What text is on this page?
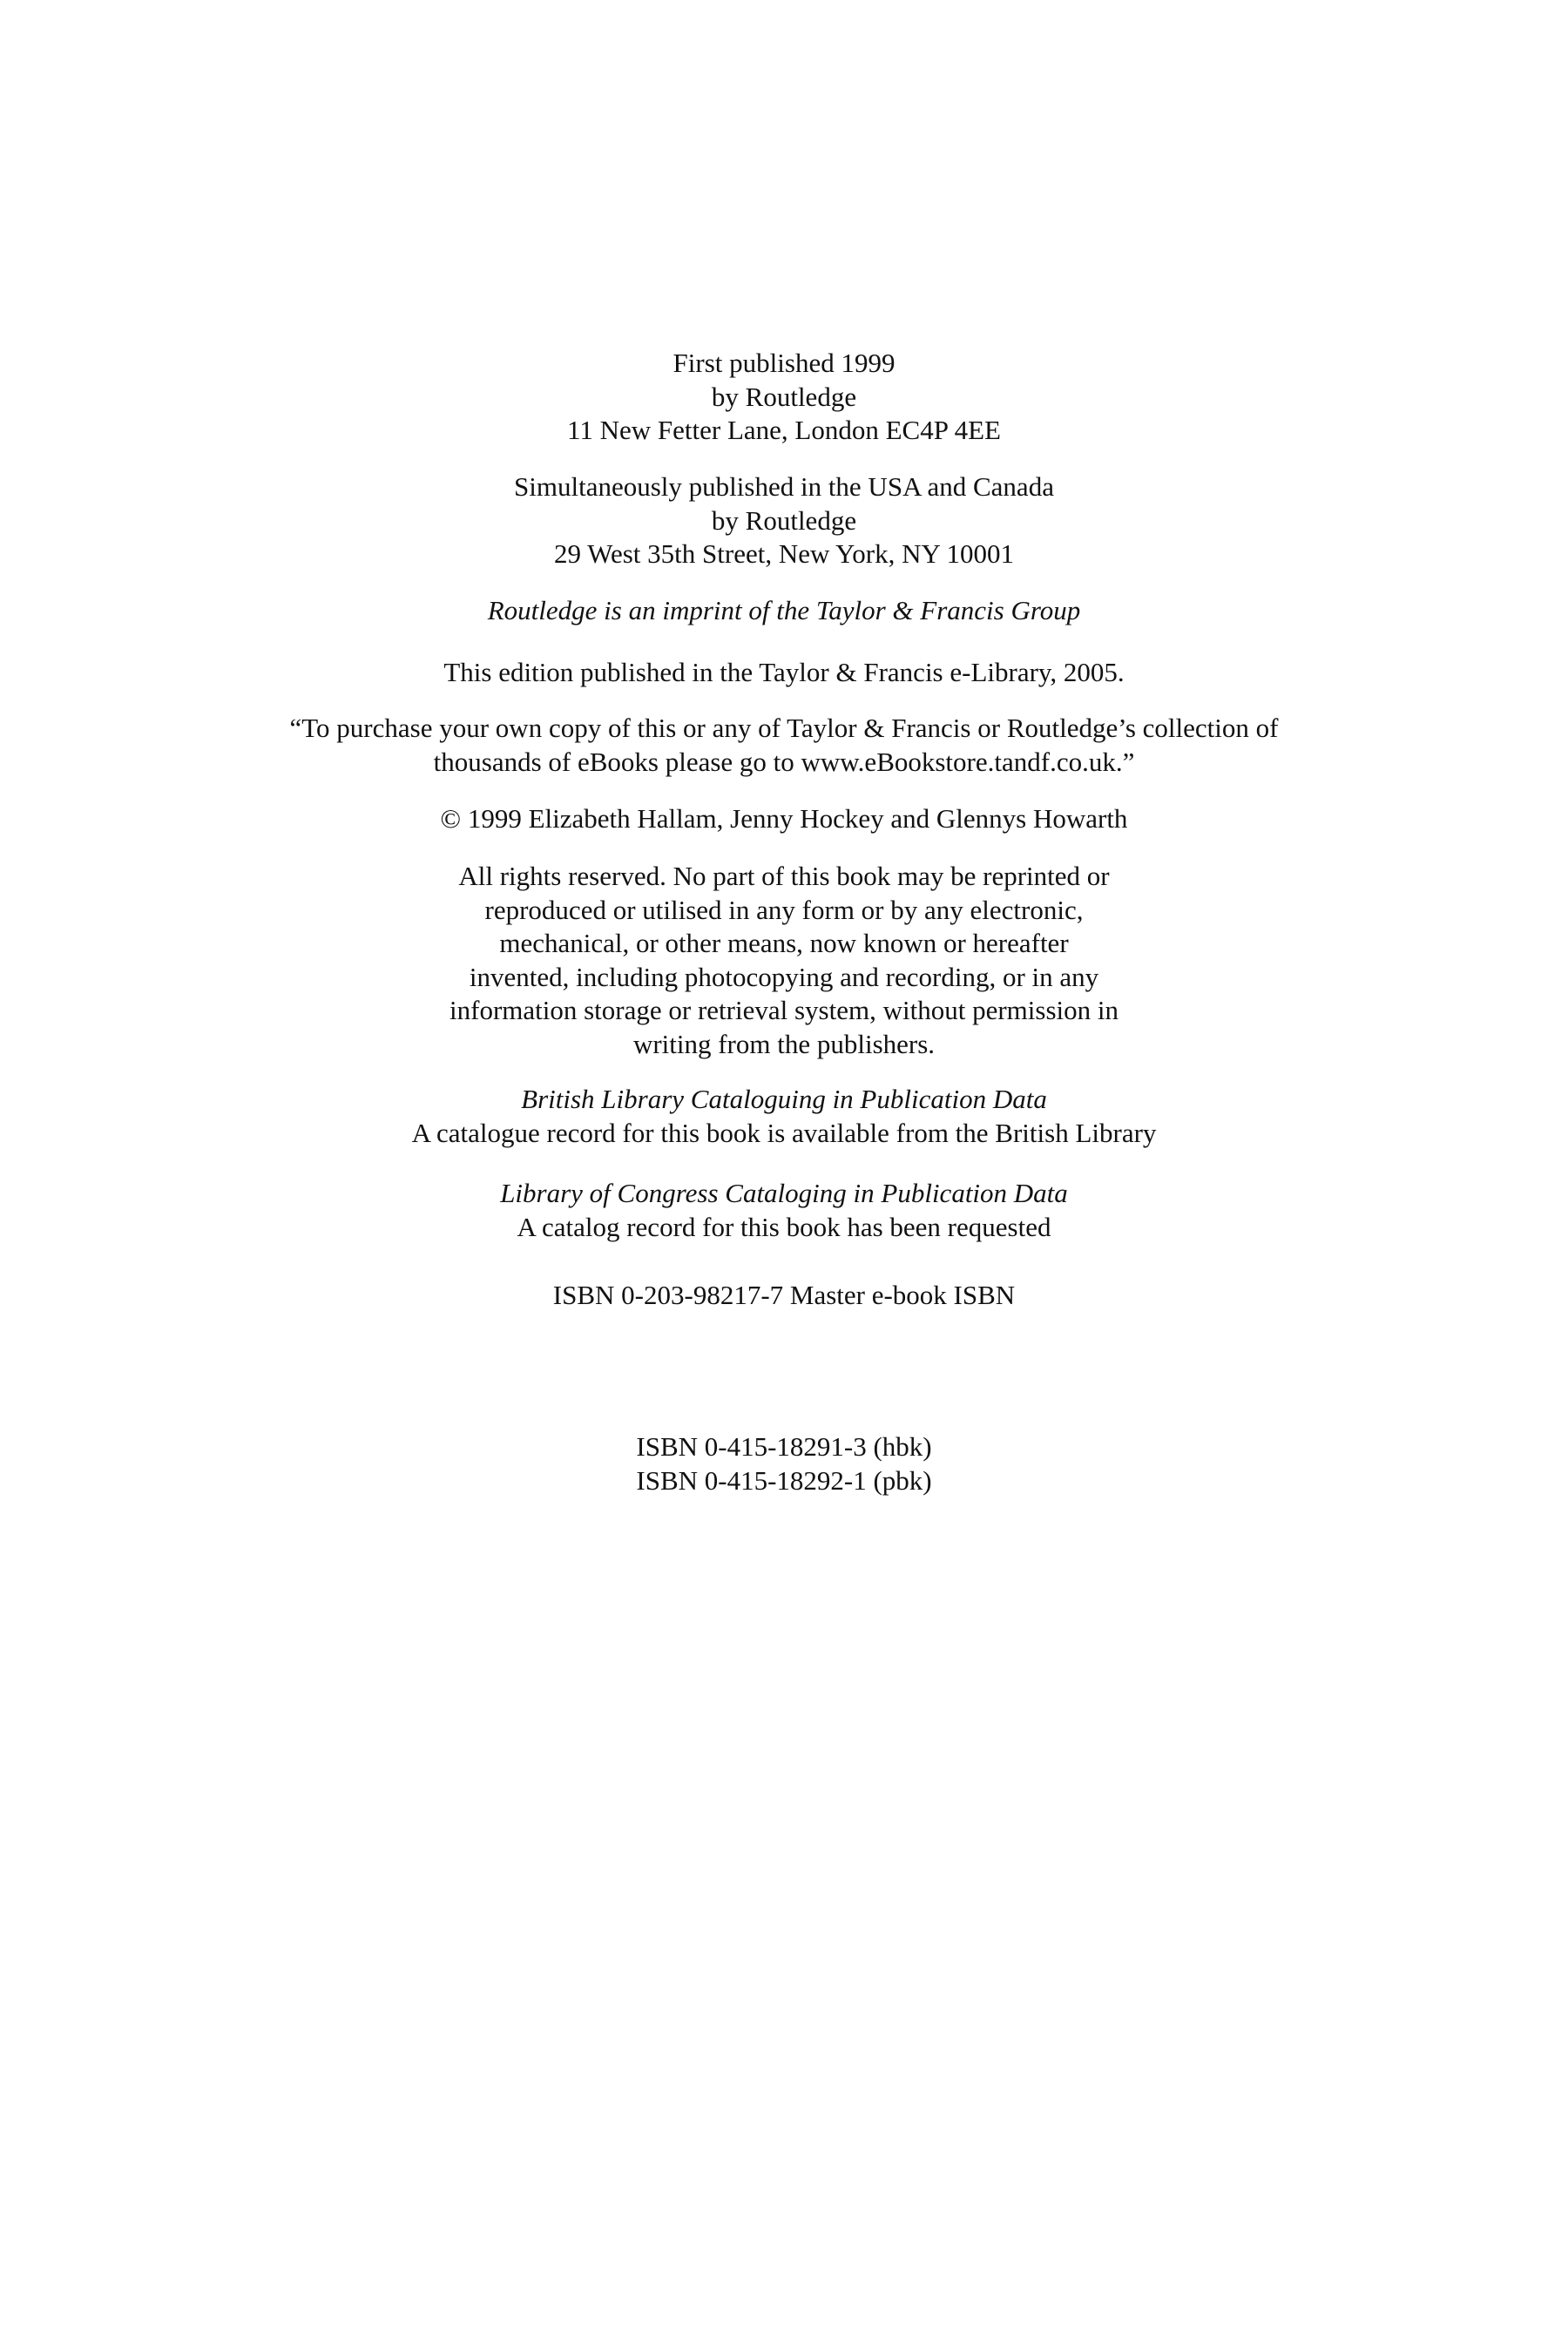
First published 1999
by Routledge
11 New Fetter Lane, London EC4P 4EE
Simultaneously published in the USA and Canada
by Routledge
29 West 35th Street, New York, NY 10001
Routledge is an imprint of the Taylor & Francis Group
This edition published in the Taylor & Francis e-Library, 2005.
“To purchase your own copy of this or any of Taylor & Francis or Routledge’s collection of
thousands of eBooks please go to www.eBookstore.tandf.co.uk.”
© 1999 Elizabeth Hallam, Jenny Hockey and Glennys Howarth
All rights reserved. No part of this book may be reprinted or
reproduced or utilised in any form or by any electronic,
mechanical, or other means, now known or hereafter
invented, including photocopying and recording, or in any
information storage or retrieval system, without permission in
writing from the publishers.
British Library Cataloguing in Publication Data
A catalogue record for this book is available from the British Library
Library of Congress Cataloging in Publication Data
A catalog record for this book has been requested
ISBN 0-203-98217-7 Master e-book ISBN
ISBN 0-415-18291-3 (hbk)
ISBN 0-415-18292-1 (pbk)
